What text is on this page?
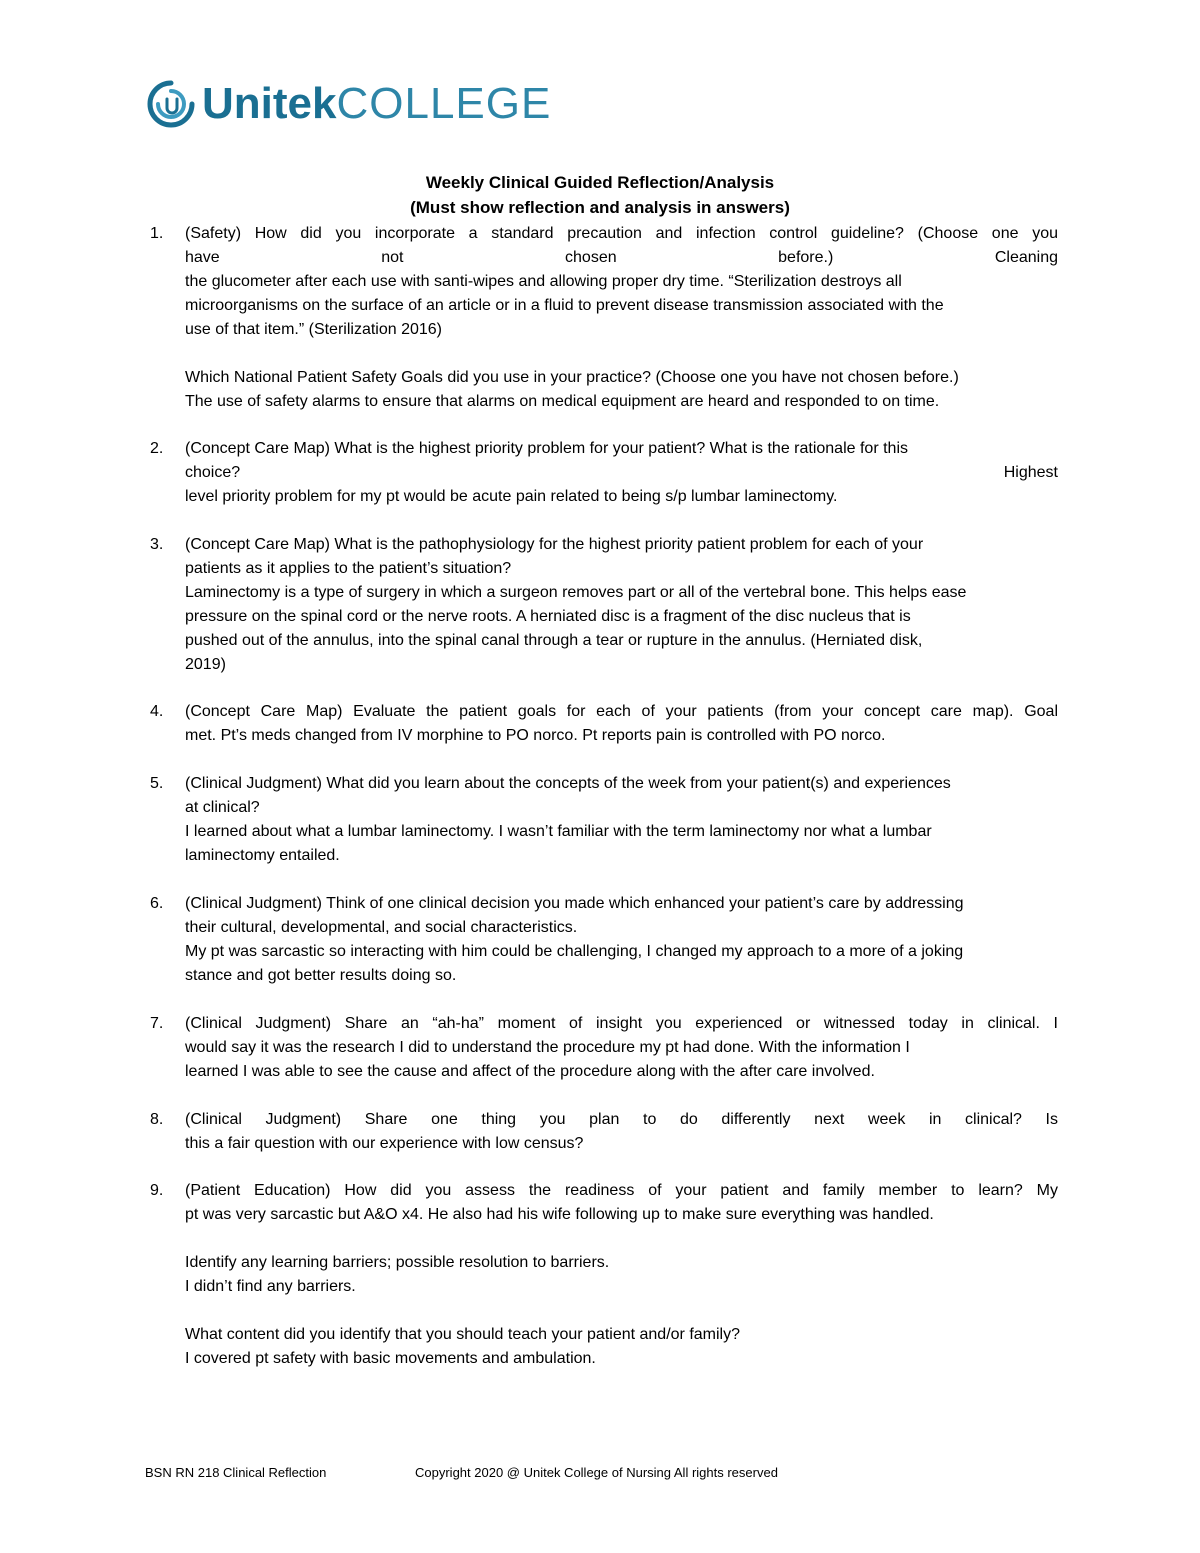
UnitekCOLLEGE
Weekly Clinical Guided Reflection/Analysis
(Must show reflection and analysis in answers)
1.	(Safety) How did you incorporate a standard precaution and infection control guideline? (Choose one you

have not chosen before.) Cleaning

the glucometer after each use with santi-wipes and allowing proper dry time. “Sterilization destroys all

microorganisms on the surface of an article or in a fluid to prevent disease transmission associated with the

use of that item.” (Sterilization 2016)

Which National Patient Safety Goals did you use in your practice? (Choose one you have not chosen before.)

The use of safety alarms to ensure that alarms on medical equipment are heard and responded to on time.

2.	(Concept Care Map) What is the highest priority problem for your patient? What is the rationale for this

choice? Highest

level priority problem for my pt would be acute pain related to being s/p lumbar laminectomy.

3.	(Concept Care Map) What is the pathophysiology for the highest priority patient problem for each of your

patients as it applies to the patient’s situation?

Laminectomy is a type of surgery in which a surgeon removes part or all of the vertebral bone. This helps ease

pressure on the spinal cord or the nerve roots. A herniated disc is a fragment of the disc nucleus that is

pushed out of the annulus, into the spinal canal through a tear or rupture in the annulus. (Herniated disk,

2019)

4.	(Concept Care Map) Evaluate the patient goals for each of your patients (from your concept care map). Goal

met. Pt’s meds changed from IV morphine to PO norco. Pt reports pain is controlled with PO norco.

5.	(Clinical Judgment) What did you learn about the concepts of the week from your patient(s) and experiences

at clinical?

I learned about what a lumbar laminectomy. I wasn’t familiar with the term laminectomy nor what a lumbar

laminectomy entailed.

6.	(Clinical Judgment) Think of one clinical decision you made which enhanced your patient’s care by addressing

their cultural, developmental, and social characteristics.

My pt was sarcastic so interacting with him could be challenging, I changed my approach to a more of a joking

stance and got better results doing so.

7.	(Clinical Judgment) Share an “ah-ha” moment of insight you experienced or witnessed today in clinical. I

would say it was the research I did to understand the procedure my pt had done. With the information I

learned I was able to see the cause and affect of the procedure along with the after care involved.

8.	(Clinical Judgment) Share one thing you plan to do differently next week in clinical? Is

this a fair question with our experience with low census?

9.	(Patient Education) How did you assess the readiness of your patient and family member to learn? My

pt was very sarcastic but A&O x4. He also had his wife following up to make sure everything was handled.

Identify any learning barriers; possible resolution to barriers.

I didn’t find any barriers.

What content did you identify that you should teach your patient and/or family?

I covered pt safety with basic movements and ambulation.

BSN RN 218 Clinical Reflection	Copyright 2020 @ Unitek College of Nursing All rights reserved
